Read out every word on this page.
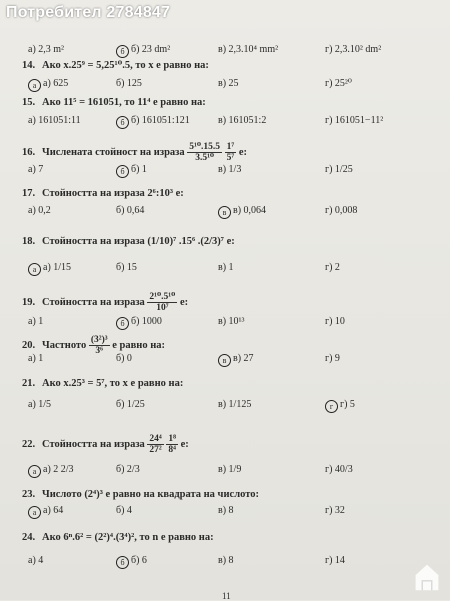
Потребител 2784847
а) 2,3 m²	б б) 23 dm²	в) 2,3.10⁴ mm²	г) 2,3.10² dm²
14. Ако x.25⁹ = 5,25¹⁰.5, то x е равно на:
а а) 625	б) 125	в) 25	г) 25²⁰
15. Ако 11⁵ = 161051, то 11⁴ е равно на:
а) 161051:11	б б) 161051:121	в) 161051:2	г) 161051−11²
16. Числената стойност на израза $\frac{\text{5¹⁰.15.5}}{\text{3.5¹⁰}}$
$\frac{\text{1⁷}}{\text{5⁷}} е$:
а) 7	б б) 1	в) 1/3	г) 1/25
17. Стойността на израза 2⁶:10³ е:
а) 0,2	б) 0,64	в в) 0,064	г) 0,008
18. Стойността на израза (1/10)⁷ .15⁶ .(2/3)⁷ е:
а а) 1/15	б) 15	в) 1	г) 2
19. Стойността на израза $\frac{\text{2¹⁰.5¹⁰}}{\text{10⁷}} е$:
а) 1	б б) 1000	в) 10¹³	г) 10
20. Частното $\frac{\text{(3²)³}}{\text{3⁶}}$ е равно на:
а) 1	б) 0	в в) 27	г) 9
21. Ако x.25³ = 5⁷, то x е равно на:
а) 1/5	б) 1/25	в) 1/125	г г) 5
22. Стойността на израза $\frac{\text{24⁴}}{\text{27²}}$
$\frac{\text{1⁸}}{\text{8⁴}} е$:
а а) 2 2/3	б) 2/3	в) 1/9	г) 40/3
23. Числото (2⁴)³ е равно на квадрата на числото:
а а) 64	б) 4	в) 8	г) 32
24. Ако 6ⁿ.6² = (2²)⁴.(3⁴)², то n е равно на:
а) 4	б б) 6	в) 8	г) 14
11
